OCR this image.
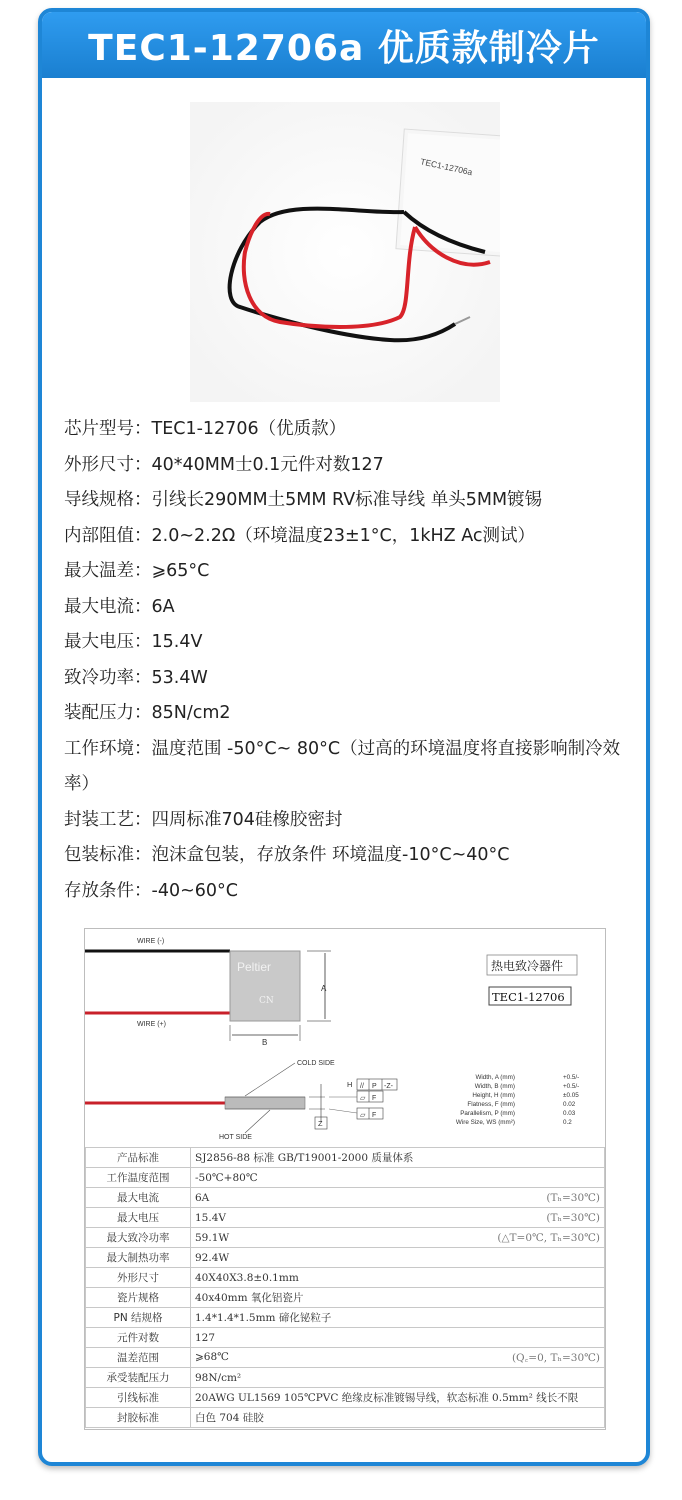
TEC1-12706a 优质款制冷片
TEC1-12706a
芯片型号：TEC1-12706（优质款）
外形尺寸：40*40MM士0.1元件对数127
导线规格：引线长290MM土5MM RV标准导线 单头5MM镀锡
内部阻值：2.0~2.2Ω（环境温度23±1°C，1kHZ Ac测试）
最大温差：⩾65°C
最大电流：6A
最大电压：15.4V
致冷功率：53.4W
装配压力：85N/cm2
工作环境：温度范围 -50°C~ 80°C（过高的环境温度将直接影响制冷效率）
封装工艺：四周标准704硅橡胶密封
包装标准：泡沫盒包装，存放条件 环境温度-10°C~40°C
存放条件：-40~60°C
WIRE (-)
WIRE (+)
Peltier
CN
A
B
热电致冷器件
TEC1-12706
COLD SIDE
HOT SIDE
H
Z
// P -Z-
▱ F
▱ F
Width, A (mm)	+0.5/-
Width, B (mm)	+0.5/-
Height, H (mm)	±0.05
Flatness, F (mm)	0.02
Parallelism, P (mm)	0.03
Wire Size, WS (mm²)	0.2
产品标准	SJ2856-88 标准 GB/T19001-2000 质量体系
工作温度范围	-50℃+80℃
最大电流	6A (Tₕ=30℃)

最大电压	15.4V (Tₕ=30℃)

最大致冷功率	59.1W (△T=0℃, Tₕ=30℃)

最大制热功率	92.4W
外形尺寸	40X40X3.8±0.1mm
瓷片规格	40x40mm 氧化铝瓷片
PN 结规格	1.4*1.4*1.5mm 碲化铋粒子
元件对数	127
温差范围	⩾68℃ (Q꜀=0, Tₕ=30℃)

承受装配压力	98N/cm²
引线标准	20AWG UL1569 105℃PVC 绝缘皮标准镀锡导线，软态标准 0.5mm² 线长不限
封胶标准	白色 704 硅胶
